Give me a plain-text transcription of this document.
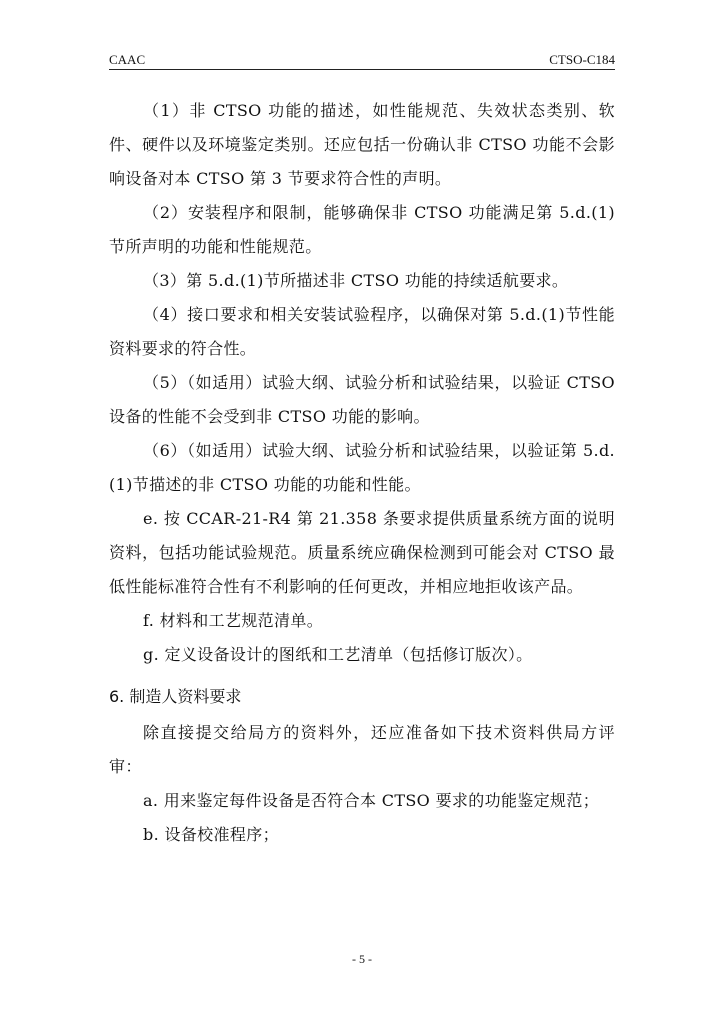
CAAC	CTSO-C184

（1）非 CTSO 功能的描述，如性能规范、失效状态类别、软件、硬件以及环境鉴定类别。还应包括一份确认非 CTSO 功能不会影响设备对本 CTSO 第 3 节要求符合性的声明。

（2）安装程序和限制，能够确保非 CTSO 功能满足第 5.d.(1)节所声明的功能和性能规范。

（3）第 5.d.(1)节所描述非 CTSO 功能的持续适航要求。

（4）接口要求和相关安装试验程序，以确保对第 5.d.(1)节性能资料要求的符合性。

（5）（如适用）试验大纲、试验分析和试验结果，以验证 CTSO 设备的性能不会受到非 CTSO 功能的影响。

（6）（如适用）试验大纲、试验分析和试验结果，以验证第 5.d.(1)节描述的非 CTSO 功能的功能和性能。

e. 按 CCAR-21-R4 第 21.358 条要求提供质量系统方面的说明资料，包括功能试验规范。质量系统应确保检测到可能会对 CTSO 最低性能标准符合性有不利影响的任何更改，并相应地拒收该产品。

f. 材料和工艺规范清单。

g. 定义设备设计的图纸和工艺清单（包括修订版次）。

6. 制造人资料要求

除直接提交给局方的资料外，还应准备如下技术资料供局方评审：

a. 用来鉴定每件设备是否符合本 CTSO 要求的功能鉴定规范；

b. 设备校准程序；

- 5 -
